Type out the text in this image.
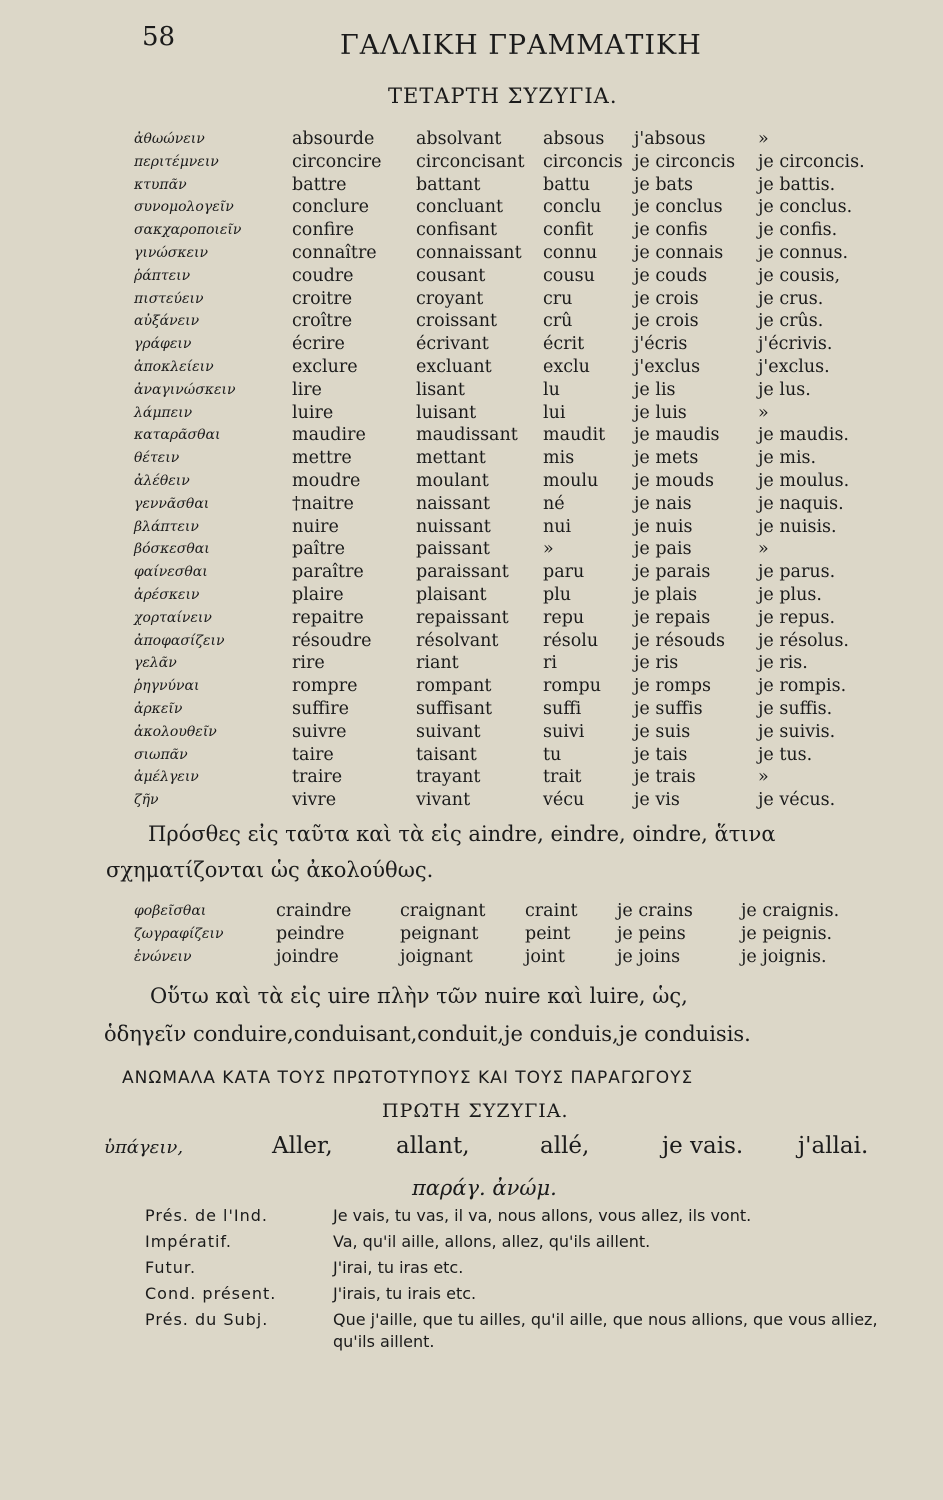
58	ΓΑΛΛΙΚΗ ΓΡΑΜΜΑΤΙΚΗ
ΤΕΤΑΡΤΗ ΣΥΖΥΓΙΑ.
ἀθωώνειν	absourde	absolvant	absous	j'absous	»
περιτέμνειν	circoncire	circoncisant	circoncis	je circoncis	je circoncis.
κτυπᾶν	battre	battant	battu	je bats	je battis.
συνομολογεῖν	conclure	concluant	conclu	je conclus	je conclus.
σακχαροποιεῖν	confire	confisant	confit	je confis	je confis.
γινώσκειν	connaître	connaissant	connu	je connais	je connus.
ῥάπτειν	coudre	cousant	cousu	je couds	je cousis,
πιστεύειν	croitre	croyant	cru	je crois	je crus.
αὐξάνειν	croître	croissant	crû	je crois	je crûs.
γράφειν	écrire	écrivant	écrit	j'écris	j'écrivis.
ἀποκλείειν	exclure	excluant	exclu	j'exclus	j'exclus.
ἀναγινώσκειν	lire	lisant	lu	je lis	je lus.
λάμπειν	luire	luisant	lui	je luis	»
καταρᾶσθαι	maudire	maudissant	maudit	je maudis	je maudis.
θέτειν	mettre	mettant	mis	je mets	je mis.
ἀλέθειν	moudre	moulant	moulu	je mouds	je moulus.
γεννᾶσθαι	†naitre	naissant	né	je nais	je naquis.
βλάπτειν	nuire	nuissant	nui	je nuis	je nuisis.
βόσκεσθαι	paître	paissant	»	je pais	»
φαίνεσθαι	paraître	paraissant	paru	je parais	je parus.
ἀρέσκειν	plaire	plaisant	plu	je plais	je plus.
χορταίνειν	repaitre	repaissant	repu	je repais	je repus.
ἀποφασίζειν	résoudre	résolvant	résolu	je résouds	je résolus.
γελᾶν	rire	riant	ri	je ris	je ris.
ῥηγνύναι	rompre	rompant	rompu	je romps	je rompis.
ἀρκεῖν	suffire	suffisant	suffi	je suffis	je suffis.
ἀκολουθεῖν	suivre	suivant	suivi	je suis	je suivis.
σιωπᾶν	taire	taisant	tu	je tais	je tus.
ἀμέλγειν	traire	trayant	trait	je trais	»
ζῆν	vivre	vivant	vécu	je vis	je vécus.
Πρόσθες εἰς ταῦτα καὶ τὰ εἰς aindre, eindre, oindre, ἅτινα
σχηματίζονται ὡς ἀκολούθως.
φοβεῖσθαι	craindre	craignant	craint	je crains	je craignis.
ζωγραφίζειν	peindre	peignant	peint	je peins	je peignis.
ἑνώνειν	joindre	joignant	joint	je joins	je joignis.
Οὕτω καὶ τὰ εἰς uire πλὴν τῶν nuire καὶ luire, ὡς,
ὁδηγεῖν conduire,conduisant,conduit,je conduis,je conduisis.
ΑΝΩΜΑΛΑ ΚΑΤΑ ΤΟΥΣ ΠΡΩΤΟΤΥΠΟΥΣ ΚΑΙ ΤΟΥΣ ΠΑΡΑΓΩΓΟΥΣ
ΠΡΩΤΗ ΣΥΖΥΓΙΑ.
ὑπάγειν,	Aller,	allant,	allé,	je vais. j'allai.
παράγ. ἀνώμ.
Prés. de l'Ind.	Je vais, tu vas, il va, nous allons, vous allez, ils vont.
Impératif.	Va, qu'il aille, allons, allez, qu'ils aillent.
Futur.	J'irai, tu iras etc.
Cond. présent.	J'irais, tu irais etc.
Prés. du Subj.	Que j'aille, que tu ailles, qu'il aille, que nous allions, que vous alliez, qu'ils aillent.
